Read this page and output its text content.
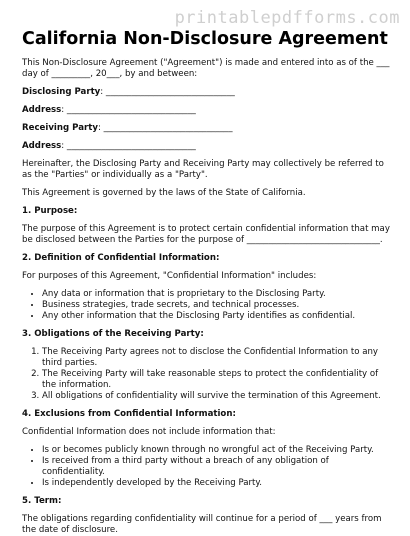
printablepdfforms.com
California Non-Disclosure Agreement

This Non-Disclosure Agreement ("Agreement") is made and entered into as of the ___ day of _________, 20___, by and between:

Disclosing Party: ______________________________
Address: ______________________________
Receiving Party: ______________________________
Address: ______________________________

Hereinafter, the Disclosing Party and Receiving Party may collectively be referred to as the "Parties" or individually as a "Party".

This Agreement is governed by the laws of the State of California.

1. Purpose:

The purpose of this Agreement is to protect certain confidential information that may be disclosed between the Parties for the purpose of _______________________________.

2. Definition of Confidential Information:

For purposes of this Agreement, "Confidential Information" includes:

• Any data or information that is proprietary to the Disclosing Party.
• Business strategies, trade secrets, and technical processes.
• Any other information that the Disclosing Party identifies as confidential.
3. Obligations of the Receiving Party:
1. The Receiving Party agrees not to disclose the Confidential Information to any third parties.
2. The Receiving Party will take reasonable steps to protect the confidentiality of the information.
3. All obligations of confidentiality will survive the termination of this Agreement.
4. Exclusions from Confidential Information:

Confidential Information does not include information that:

• Is or becomes publicly known through no wrongful act of the Receiving Party.
• Is received from a third party without a breach of any obligation of confidentiality.
• Is independently developed by the Receiving Party.
5. Term:

The obligations regarding confidentiality will continue for a period of ___ years from the date of disclosure.
